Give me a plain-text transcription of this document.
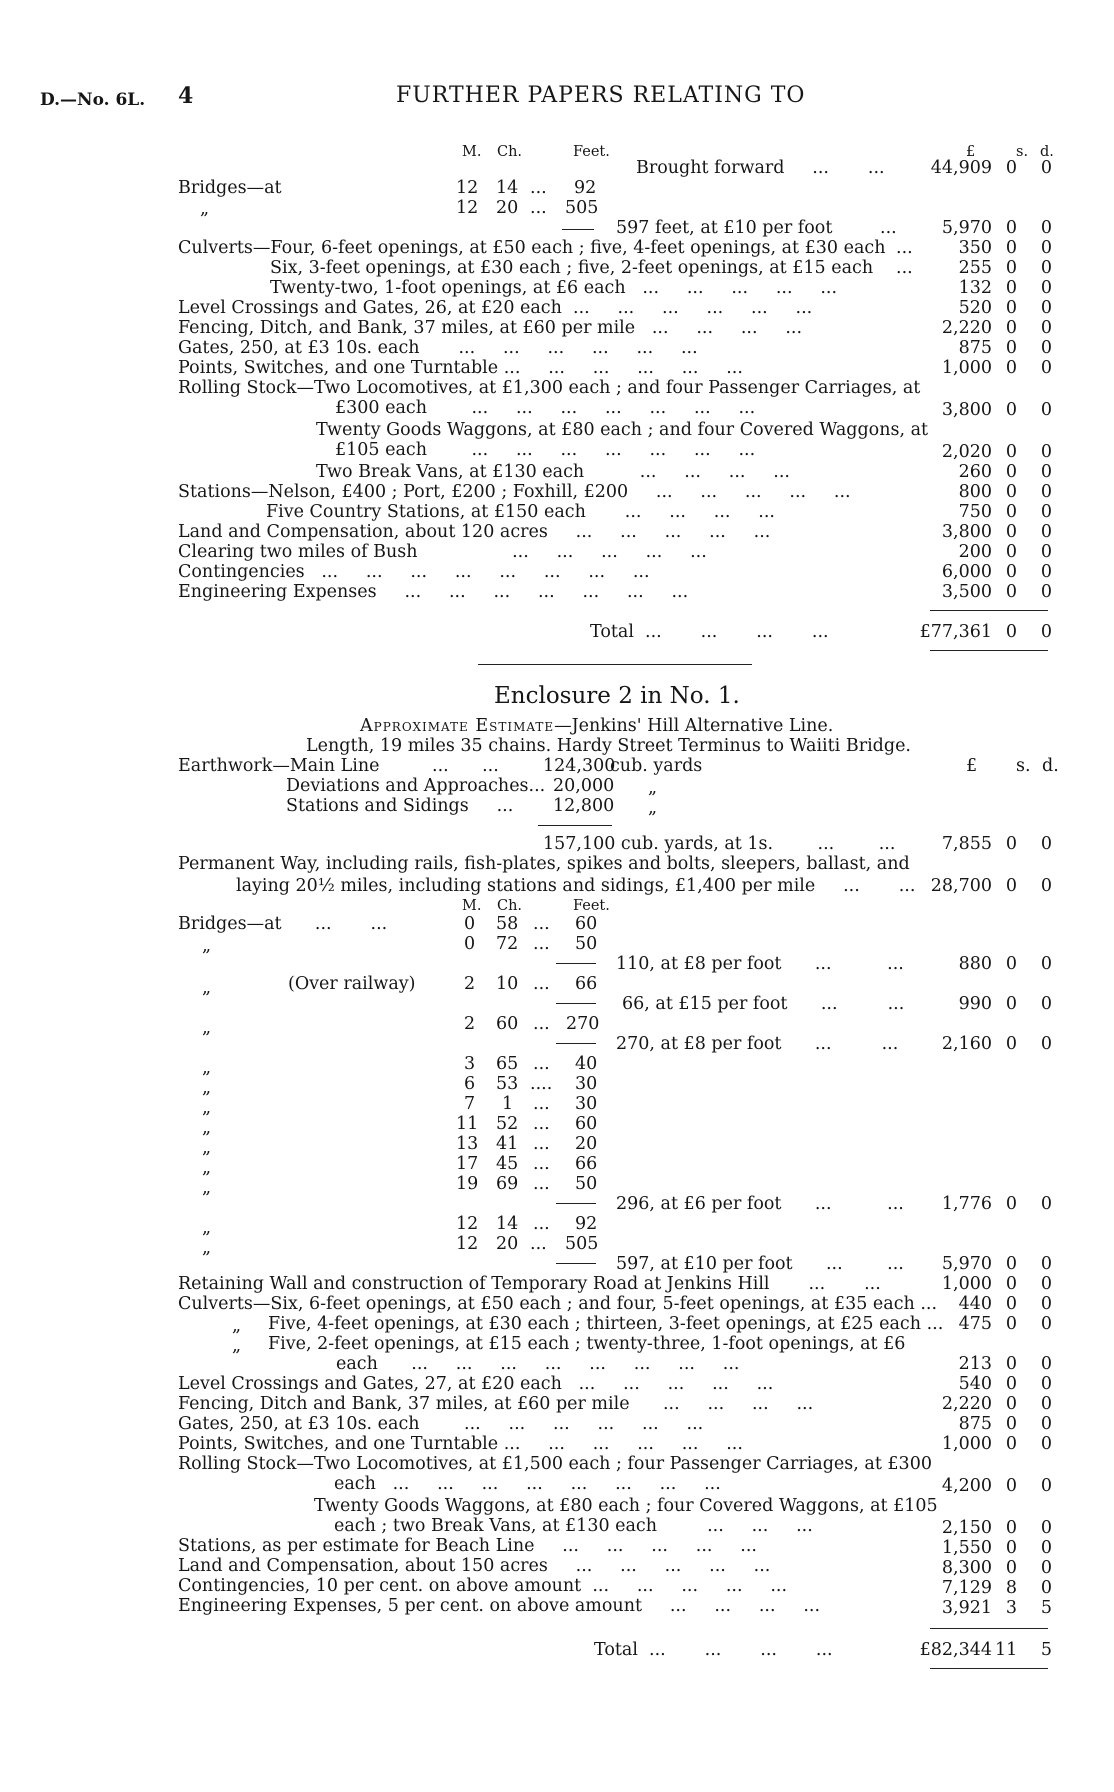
D.—No. 6L. 4	FURTHER PAPERS RELATING TO
M. Ch.	Feet.	£	s. d.
Brought forward     ...       ...	44,909 0	0
Bridges—at	12 14 ... 92
„	12 20 ... 505
597 feet, at £10 per foot	...	5,970 0	0
Culverts—Four, 6-feet openings, at £50 each ; five, 4-feet openings, at £30 each ...	350 0	0
Six, 3-feet openings, at £30 each ; five, 2-feet openings, at £15 each ...	255 0	0
Twenty-two, 1-foot openings, at £6 each   ...     ...     ...     ...     ...	132 0	0
Level Crossings and Gates, 26, at £20 each  ...     ...     ...     ...     ...     ...	520 0	0
Fencing, Ditch, and Bank, 37 miles, at £60 per mile   ...     ...     ...     ...	2,220 0	0
Gates, 250, at £3 10s. each       ...     ...     ...     ...     ...     ...	875 0	0
Points, Switches, and one Turntable ...     ...     ...     ...     ...     ...	1,000 0	0
Rolling Stock—Two Locomotives, at £1,300 each ; and four Passenger Carriages, at
£300 each        ...     ...     ...     ...     ...     ...     ...	3,800 0	0
Twenty Goods Waggons, at £80 each ; and four Covered Waggons, at
£105 each        ...     ...     ...     ...     ...     ...     ...	2,020 0	0
Two Break Vans, at £130 each          ...     ...     ...     ...	260 0	0
Stations—Nelson, £400 ; Port, £200 ; Foxhill, £200     ...     ...     ...     ...     ...	800 0	0
Five Country Stations, at £150 each       ...     ...     ...     ...	750 0	0
Land and Compensation, about 120 acres     ...     ...     ...     ...     ...	3,800 0	0
Clearing two miles of Bush                 ...     ...     ...     ...     ...	200 0	0
Contingencies   ...     ...     ...     ...     ...     ...     ...     ...	6,000 0	0
Engineering Expenses     ...     ...     ...     ...     ...     ...     ...	3,500 0	0
Total  ...       ...       ...       ...	£77,361 0	0
Enclosure 2 in No. 1.
Approximate Estimate—Jenkins' Hill Alternative Line.
Length, 19 miles 35 chains. Hardy Street Terminus to Waiiti Bridge.
Earthwork—Main Line	...      ...	124,300
cub. yards	£ s. d.
Deviations and Approaches... 20,000 „
Stations and Sidings     ... 12,800 „
157,100 cub. yards, at 1s.        ...        ...	7,855 0	0
Permanent Way, including rails, fish-plates, spikes and bolts, sleepers, ballast, and
laying 20½ miles, including stations and sidings, £1,400 per mile     ...       ... 28,700 0	0
M. Ch.	Feet.
Bridges—at      ...       ...	0 58 ... 60
„	0 72 ... 50
110, at £8 per foot      ...          ...	880 0	0
„	(Over railway)	2 10 ... 66
66, at £15 per foot      ...         ...	990 0	0
„	2 60 ... 270
270, at £8 per foot      ...         ...	2,160 0	0
„	3 65 ... 40
„	6 53 .... 30
„	7 1 ... 30
„	11 52 ... 60
„	13 41 ... 20
„	17 45 ... 66
„	19 69 ... 50
296, at £6 per foot      ...          ...	1,776 0	0
„	12 14 ... 92
„	12 20 ... 505
597, at £10 per foot      ...        ...	5,970 0	0
Retaining Wall and construction of Temporary Road at Jenkins Hill       ...       ...	1,000 0	0
Culverts—Six, 6-feet openings, at £50 each ; and four, 5-feet openings, at £35 each ...	440 0	0
„ Five, 4-feet openings, at £30 each ; thirteen, 3-feet openings, at £25 each ... 475 0	0
„ Five, 2-feet openings, at £15 each ; twenty-three, 1-foot openings, at £6
each      ...     ...     ...     ...     ...     ...     ...     ...	213 0	0
Level Crossings and Gates, 27, at £20 each   ...     ...     ...     ...     ...	540 0	0
Fencing, Ditch and Bank, 37 miles, at £60 per mile      ...     ...     ...     ...	2,220 0	0
Gates, 250, at £3 10s. each        ...     ...     ...     ...     ...     ...	875 0	0
Points, Switches, and one Turntable ...     ...     ...     ...     ...     ...	1,000 0	0
Rolling Stock—Two Locomotives, at £1,500 each ; four Passenger Carriages, at £300
each   ...     ...     ...     ...     ...     ...     ...     ...	4,200 0	0
Twenty Goods Waggons, at £80 each ; four Covered Waggons, at £105
each ; two Break Vans, at £130 each         ...     ...     ...	2,150 0	0
Stations, as per estimate for Beach Line     ...     ...     ...     ...     ...	1,550 0	0
Land and Compensation, about 150 acres     ...     ...     ...     ...     ...	8,300 0	0
Contingencies, 10 per cent. on above amount  ...     ...     ...     ...     ...	7,129 8	0
Engineering Expenses, 5 per cent. on above amount     ...     ...     ...     ...	3,921 3	5
Total  ...       ...       ...       ...	£82,344 11	5
